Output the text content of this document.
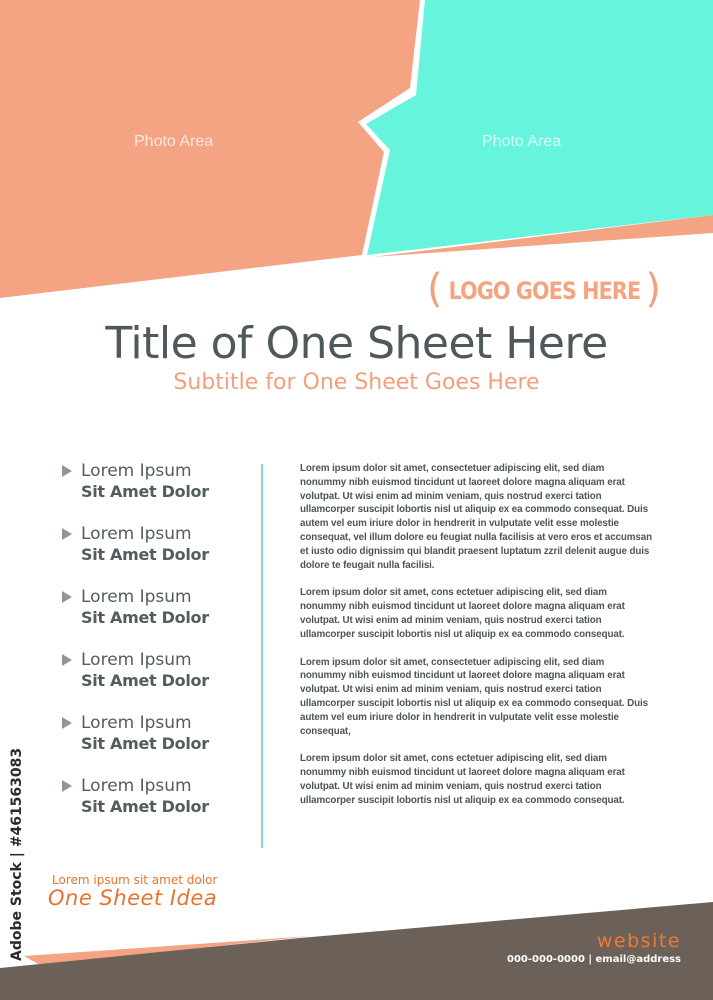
Photo Area	Photo Area
( LOGO GOES HERE )
Title of One Sheet Here
Subtitle for One Sheet Goes Here
Lorem Ipsum
Sit Amet Dolor
Lorem Ipsum
Sit Amet Dolor
Lorem Ipsum
Sit Amet Dolor
Lorem Ipsum
Sit Amet Dolor
Lorem Ipsum
Sit Amet Dolor
Lorem Ipsum
Sit Amet Dolor

Lorem ipsum dolor sit amet, consectetuer adipiscing elit, sed diam nonummy nibh euismod tincidunt ut laoreet dolore magna aliquam erat volutpat. Ut wisi enim ad minim veniam, quis nostrud exerci tation ullamcorper suscipit lobortis nisl ut aliquip ex ea commodo consequat. Duis autem vel eum iriure dolor in hendrerit in vulputate velit esse molestie consequat, vel illum dolore eu feugiat nulla facilisis at vero eros et accumsan et iusto odio dignissim qui blandit praesent luptatum zzril delenit augue duis dolore te feugait nulla facilisi.

Lorem ipsum dolor sit amet, cons ectetuer adipiscing elit, sed diam nonummy nibh euismod tincidunt ut laoreet dolore magna aliquam erat volutpat. Ut wisi enim ad minim veniam, quis nostrud exerci tation ullamcorper suscipit lobortis nisl ut aliquip ex ea commodo consequat.

Lorem ipsum dolor sit amet, consectetuer adipiscing elit, sed diam nonummy nibh euismod tincidunt ut laoreet dolore magna aliquam erat volutpat. Ut wisi enim ad minim veniam, quis nostrud exerci tation ullamcorper suscipit lobortis nisl ut aliquip ex ea commodo consequat. Duis autem vel eum iriure dolor in hendrerit in vulputate velit esse molestie consequat,

Lorem ipsum dolor sit amet, cons ectetuer adipiscing elit, sed diam nonummy nibh euismod tincidunt ut laoreet dolore magna aliquam erat volutpat. Ut wisi enim ad minim veniam, quis nostrud exerci tation ullamcorper suscipit lobortis nisl ut aliquip ex ea commodo consequat.

Lorem ipsum sit amet dolor
One Sheet Idea
website
000-000-0000 | email@address
Adobe Stock | #461563083
